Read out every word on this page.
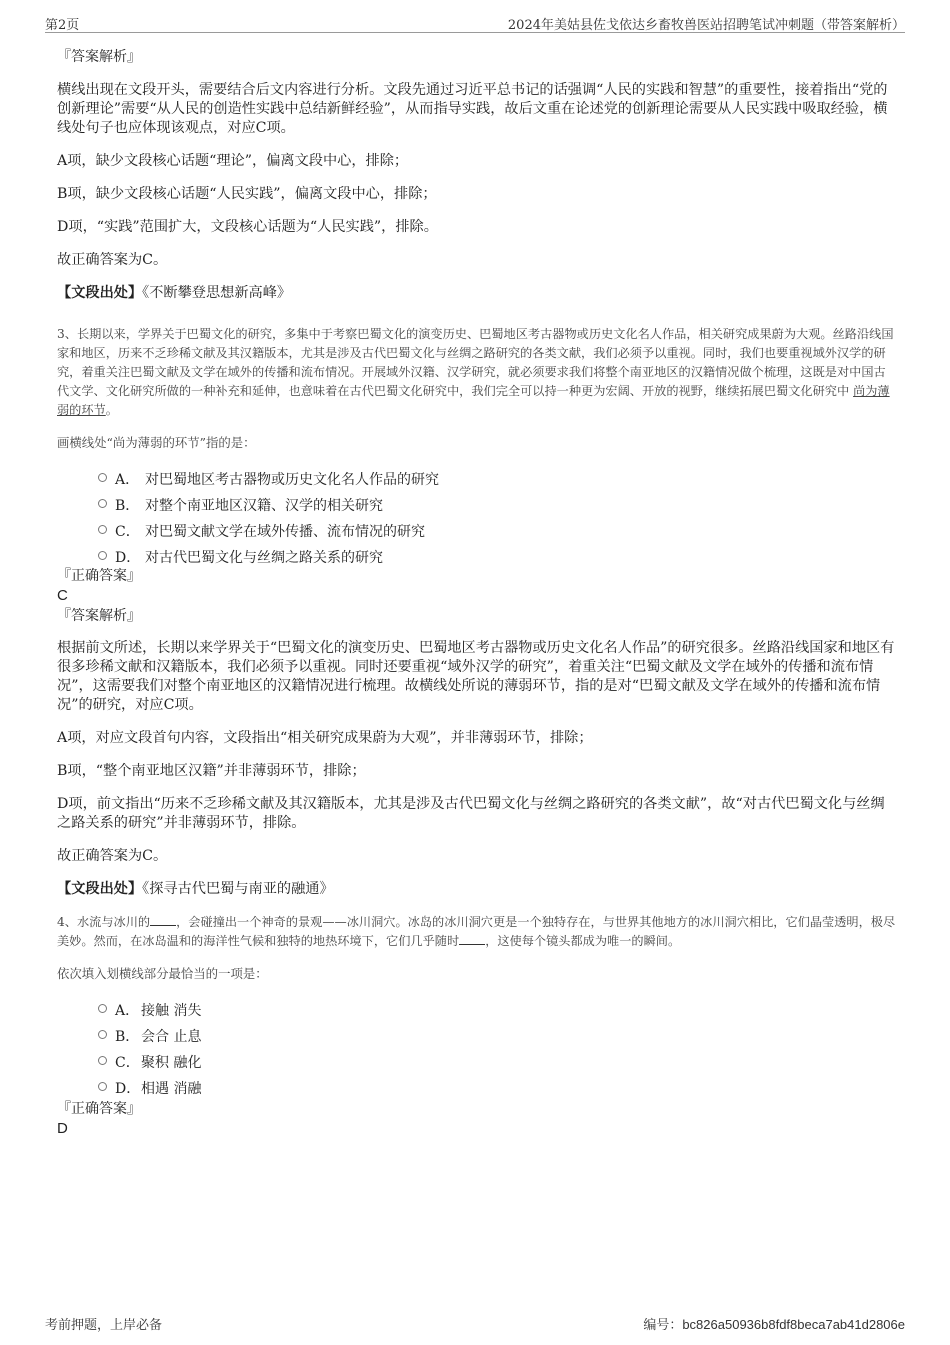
第2页	2024年美姑县佐戈依达乡畜牧兽医站招聘笔试冲刺题（带答案解析）

『答案解析』

横线出现在文段开头，需要结合后文内容进行分析。文段先通过习近平总书记的话强调“人民的实践和智慧”的重要性，接着指出“党的创新理论”需要“从人民的创造性实践中总结新鲜经验”，从而指导实践，故后文重在论述党的创新理论需要从人民实践中吸取经验，横线处句子也应体现该观点，对应C项。

A项，缺少文段核心话题“理论”，偏离文段中心，排除；

B项，缺少文段核心话题“人民实践”，偏离文段中心，排除；

D项，“实践”范围扩大，文段核心话题为“人民实践”，排除。

故正确答案为C。

【文段出处】《不断攀登思想新高峰》

3、长期以来，学界关于巴蜀文化的研究，多集中于考察巴蜀文化的演变历史、巴蜀地区考古器物或历史文化名人作品，相关研究成果蔚为大观。丝路沿线国家和地区，历来不乏珍稀文献及其汉籍版本，尤其是涉及古代巴蜀文化与丝绸之路研究的各类文献，我们必须予以重视。同时，我们也要重视域外汉学的研究，着重关注巴蜀文献及文学在域外的传播和流布情况。开展域外汉籍、汉学研究，就必须要求我们将整个南亚地区的汉籍情况做个梳理，这既是对中国古代文学、文化研究所做的一种补充和延伸，也意味着在古代巴蜀文化研究中，我们完全可以持一种更为宏阔、开放的视野，继续拓展巴蜀文化研究中 尚为薄弱的环节。

画横线处“尚为薄弱的环节”指的是：

A． 对巴蜀地区考古器物或历史文化名人作品的研究
B． 对整个南亚地区汉籍、汉学的相关研究
C． 对巴蜀文献文学在域外传播、流布情况的研究
D． 对古代巴蜀文化与丝绸之路关系的研究

『正确答案』

C

『答案解析』

根据前文所述，长期以来学界关于“巴蜀文化的演变历史、巴蜀地区考古器物或历史文化名人作品”的研究很多。丝路沿线国家和地区有很多珍稀文献和汉籍版本，我们必须予以重视。同时还要重视“域外汉学的研究”，着重关注“巴蜀文献及文学在域外的传播和流布情况”，这需要我们对整个南亚地区的汉籍情况进行梳理。故横线处所说的薄弱环节，指的是对“巴蜀文献及文学在域外的传播和流布情况”的研究，对应C项。

A项，对应文段首句内容，文段指出“相关研究成果蔚为大观”，并非薄弱环节，排除；

B项，“整个南亚地区汉籍”并非薄弱环节，排除；

D项，前文指出“历来不乏珍稀文献及其汉籍版本，尤其是涉及古代巴蜀文化与丝绸之路研究的各类文献”，故“对古代巴蜀文化与丝绸之路关系的研究”并非薄弱环节，排除。

故正确答案为C。

【文段出处】《探寻古代巴蜀与南亚的融通》

4、水流与冰川的 ，会碰撞出一个神奇的景观——冰川洞穴。冰岛的冰川洞穴更是一个独特存在，与世界其他地方的冰川洞穴相比，它们晶莹透明，极尽美妙。然而，在冰岛温和的海洋性气候和独特的地热环境下，它们几乎随时 ，这使每个镜头都成为唯一的瞬间。

依次填入划横线部分最恰当的一项是：

A． 接触 消失
B． 会合 止息
C． 聚积 融化
D． 相遇 消融

『正确答案』

D

考前押题，上岸必备	编号：bc826a50936b8fdf8beca7ab41d2806e
